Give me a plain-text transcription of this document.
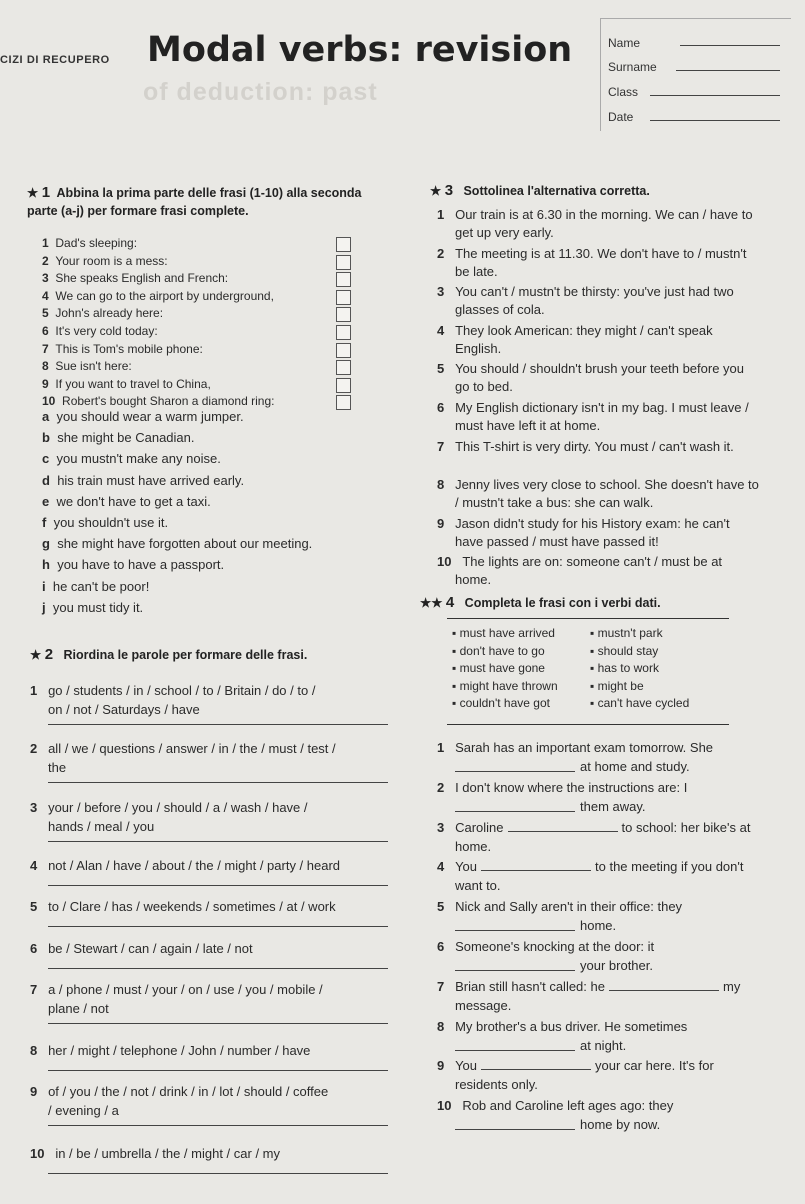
CIZI DI RECUPERO Modal verbs: revision
of deduction: past
Name
Surname
Class
Date
★ 1 Abbina la prima parte delle frasi (1-10) alla seconda
parte (a-j) per formare frasi complete.
1 Dad's sleeping:
2 Your room is a mess:
3 She speaks English and French:
4 We can go to the airport by underground,
5 John's already here:
6 It's very cold today:
7 This is Tom's mobile phone:
8 Sue isn't here:
9 If you want to travel to China,
10 Robert's bought Sharon a diamond ring:
a you should wear a warm jumper.
b she might be Canadian.
c you mustn't make any noise.
d his train must have arrived early.
e we don't have to get a taxi.
f you shouldn't use it.
g she might have forgotten about our meeting.
h you have to have a passport.
i he can't be poor!
j you must tidy it.
★ 2 Riordina le parole per formare delle frasi.
1 go / students / in / school / to / Britain / do / to /
on / not / Saturdays / have
2 all / we / questions / answer / in / the / must / test /
the
3 your / before / you / should / a / wash / have /
hands / meal / you
4 not / Alan / have / about / the / might / party / heard
5 to / Clare / has / weekends / sometimes / at / work
6 be / Stewart / can / again / late / not
7 a / phone / must / your / on / use / you / mobile /
plane / not
8 her / might / telephone / John / number / have
9 of / you / the / not / drink / in / lot / should / coffee
/ evening / a
10 in / be / umbrella / the / might / car / my
★ 3 Sottolinea l'alternativa corretta.
1 Our train is at 6.30 in the morning. We can / have to
get up very early.
2 The meeting is at 11.30. We don't have to / mustn't
be late.
3 You can't / mustn't be thirsty: you've just had two
glasses of cola.
4 They look American: they might / can't speak
English.
5 You should / shouldn't brush your teeth before you
go to bed.
6 My English dictionary isn't in my bag. I must leave /
must have left it at home.
7 This T-shirt is very dirty. You must / can't wash it.
8 Jenny lives very close to school. She doesn't have to
/ mustn't take a bus: she can walk.
9 Jason didn't study for his History exam: he can't
have passed / must have passed it!
10 The lights are on: someone can't / must be at
home.
★★ 4 Completa le frasi con i verbi dati.
▪ must have arrived
▪ don't have to go
▪ must have gone
▪ might have thrown
▪ couldn't have got
▪ mustn't park
▪ should stay
▪ has to work
▪ might be
▪ can't have cycled
1 Sarah has an important exam tomorrow. She
at home and study.
2 I don't know where the instructions are: I
them away.
3 Caroline	to school: her bike's at
home.
4 You	to the meeting if you don't
want to.
5 Nick and Sally aren't in their office: they
home.
6 Someone's knocking at the door: it
your brother.
7 Brian still hasn't called: he	my
message.
8 My brother's a bus driver. He sometimes
at night.
9 You	your car here. It's for
residents only.
10 Rob and Caroline left ages ago: they
home by now.
